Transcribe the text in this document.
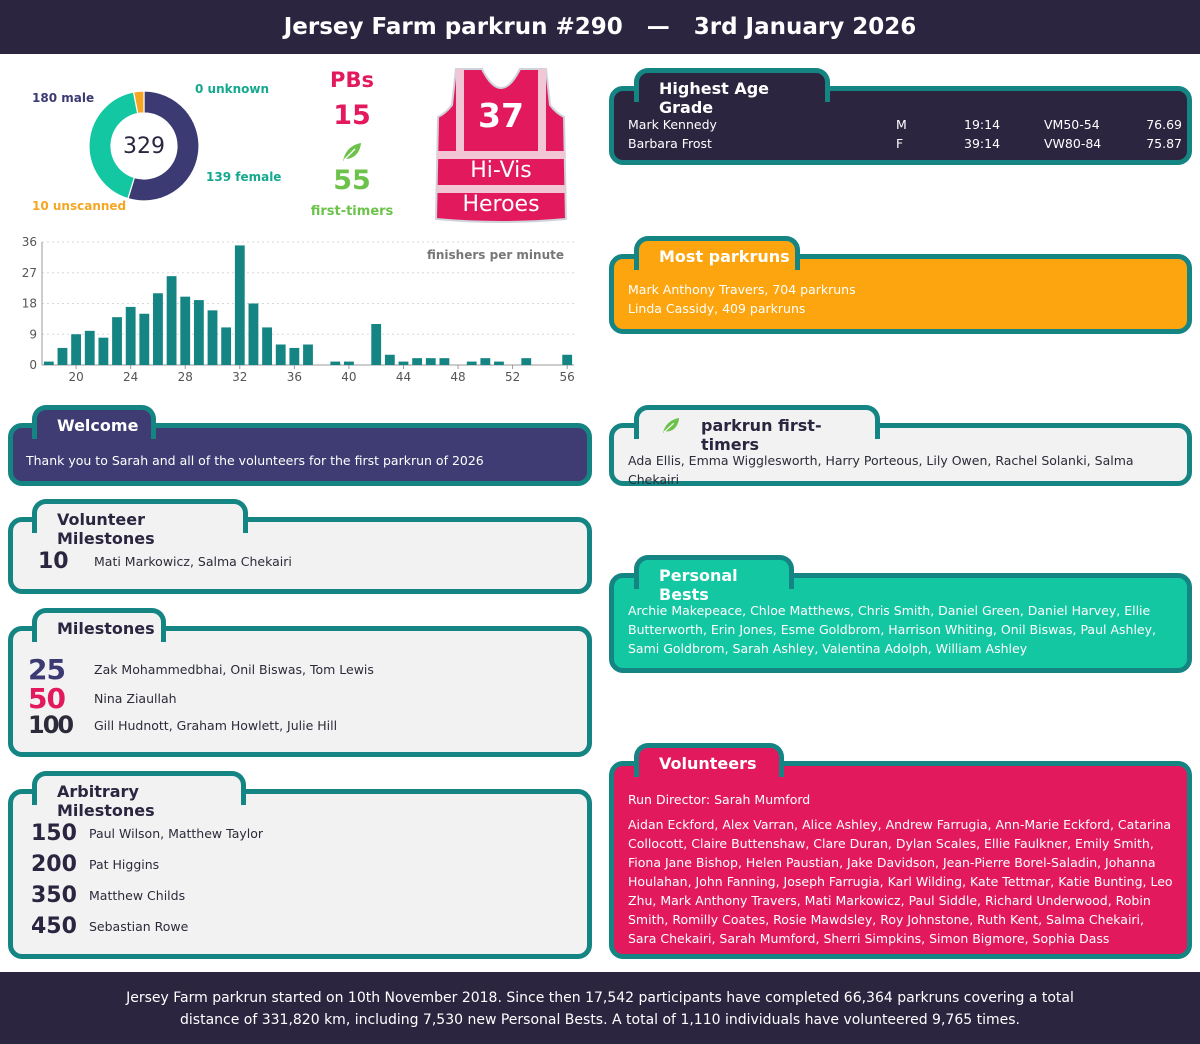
Jersey Farm parkrun #290 — 3rd January 2026
329
180 male
0 unknown
139 female
10 unscanned
PBs
15
55
first-timers
37
Hi-Vis
Heroes
0
9
18
27
36
20	24	28	32	36	40	44	48	52	56
finishers per minute
Welcome
Thank you to Sarah and all of the volunteers for the first parkrun of 2026
Volunteer Milestones
10	Mati Markowicz, Salma Chekairi
Milestones
25	Zak Mohammedbhai, Onil Biswas, Tom Lewis
50	Nina Ziaullah
100	Gill Hudnott, Graham Howlett, Julie Hill
Arbitrary Milestones
150 Paul Wilson, Matthew Taylor
200 Pat Higgins
350 Matthew Childs
450 Sebastian Rowe
Highest Age Grade
Mark Kennedy	M	19:14	VM50-54	76.69
Barbara Frost	F	39:14	VW80-84	75.87
Most parkruns
Mark Anthony Travers, 704 parkruns
Linda Cassidy, 409 parkruns
parkrun first-timers
Ada Ellis, Emma Wigglesworth, Harry Porteous, Lily Owen, Rachel Solanki, Salma Chekairi
Personal Bests
Archie Makepeace, Chloe Matthews, Chris Smith, Daniel Green, Daniel Harvey, Ellie Butterworth, Erin Jones, Esme Goldbrom, Harrison Whiting, Onil Biswas, Paul Ashley, Sami Goldbrom, Sarah Ashley, Valentina Adolph, William Ashley
Volunteers
Run Director: Sarah Mumford
Aidan Eckford, Alex Varran, Alice Ashley, Andrew Farrugia, Ann-Marie Eckford, Catarina Collocott, Claire Buttenshaw, Clare Duran, Dylan Scales, Ellie Faulkner, Emily Smith, Fiona Jane Bishop, Helen Paustian, Jake Davidson, Jean-Pierre Borel-Saladin, Johanna Houlahan, John Fanning, Joseph Farrugia, Karl Wilding, Kate Tettmar, Katie Bunting, Leo Zhu, Mark Anthony Travers, Mati Markowicz, Paul Siddle, Richard Underwood, Robin Smith, Romilly Coates, Rosie Mawdsley, Roy Johnstone, Ruth Kent, Salma Chekairi, Sara Chekairi, Sarah Mumford, Sherri Simpkins, Simon Bigmore, Sophia Dass
Jersey Farm parkrun started on 10th November 2018. Since then 17,542 participants have completed 66,364 parkruns covering a total distance of 331,820 km, including 7,530 new Personal Bests. A total of 1,110 individuals have volunteered 9,765 times.
